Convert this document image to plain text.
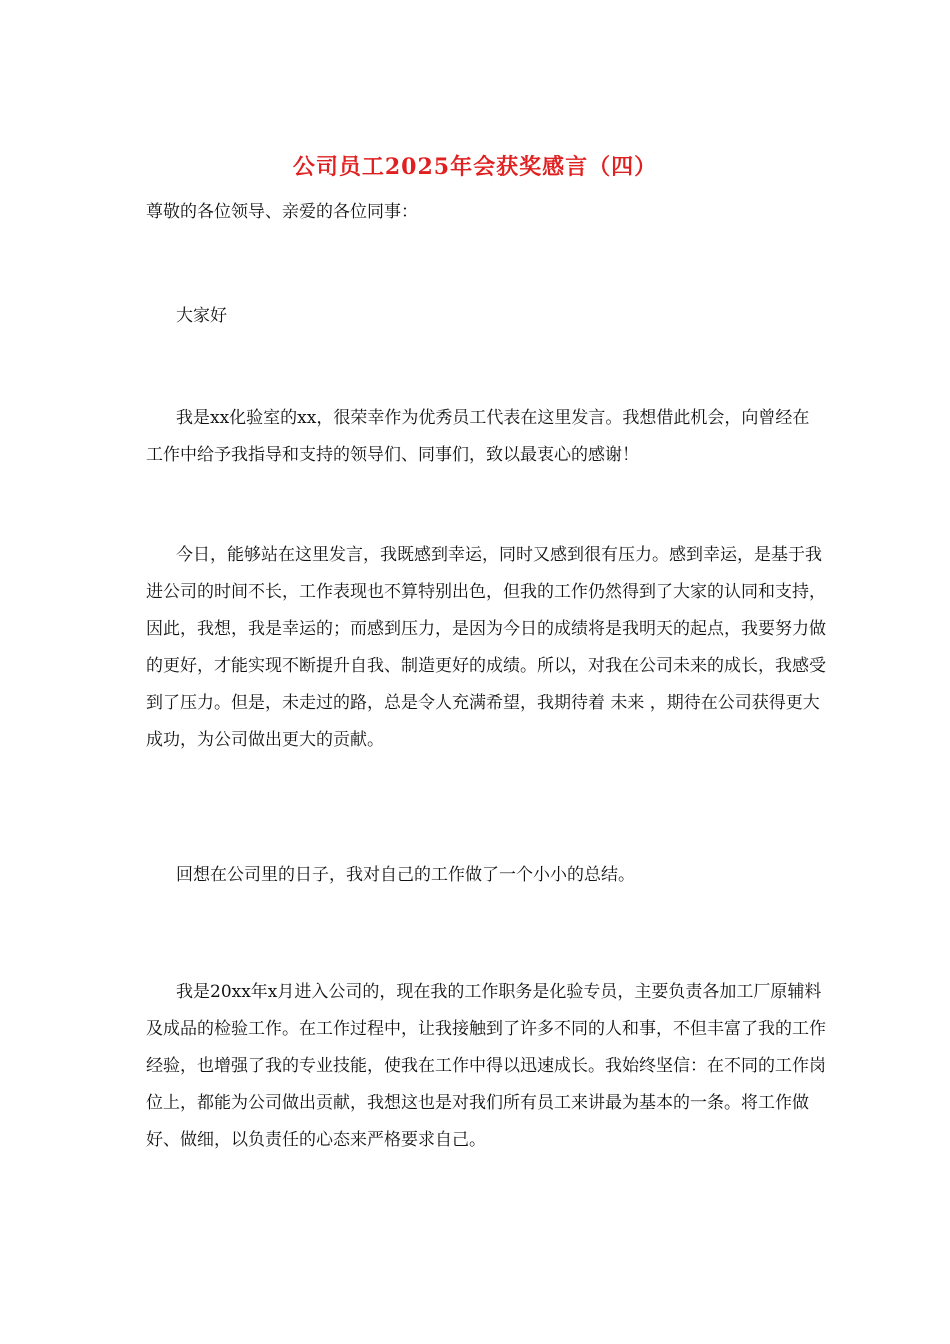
公司员工2025年会获奖感言（四）

尊敬的各位领导、亲爱的各位同事：

大家好

我是xx化验室的xx，很荣幸作为优秀员工代表在这里发言。我想借此机会，向曾经在工作中给予我指导和支持的领导们、同事们，致以最衷心的感谢！

今日，能够站在这里发言，我既感到幸运，同时又感到很有压力。感到幸运，是基于我进公司的时间不长，工作表现也不算特别出色，但我的工作仍然得到了大家的认同和支持，因此，我想，我是幸运的；而感到压力，是因为今日的成绩将是我明天的起点，我要努力做的更好，才能实现不断提升自我、制造更好的成绩。所以，对我在公司未来的成长，我感受到了压力。但是，未走过的路，总是令人充满希望，我期待着 未来 ，期待在公司获得更大成功，为公司做出更大的贡献。

回想在公司里的日子，我对自己的工作做了一个小小的总结。

我是20xx年x月进入公司的，现在我的工作职务是化验专员，主要负责各加工厂原辅料及成品的检验工作。在工作过程中，让我接触到了许多不同的人和事，不但丰富了我的工作经验，也增强了我的专业技能，使我在工作中得以迅速成长。我始终坚信：在不同的工作岗位上，都能为公司做出贡献，我想这也是对我们所有员工来讲最为基本的一条。将工作做好、做细，以负责任的心态来严格要求自己。
